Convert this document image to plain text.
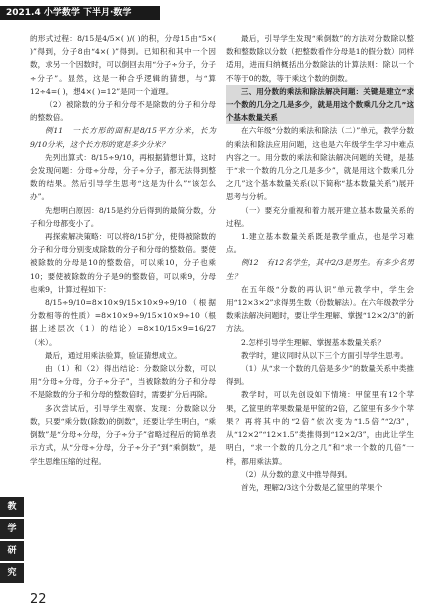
2021.4 小学数学 下半月·数学

的形式过程：8/15是4/5×( )/( )的积，分母15由“5×( )”得到，分子8由“4×( )”得到。已知积和其中一个因数，求另一个因数时，可以倒回去用“分子÷分子，分子÷分子”。显然，这是一种合乎逻辑的猜想，与“算12÷4=( )，想4×( )=12”是同一个道理。

（2）被除数的分子和分母不是除数的分子和分母的整数倍。

例11　一长方形的面积是8/15平方分米，长为9/10分米，这个长方形的宽是多少分米？

先列出算式：8/15÷9/10，再根据猜想计算，这时会发现问题：分母÷分母，分子÷分子，都无法得到整数的结果。然后引导学生思考“这是为什么”“该怎么办”。

先想明白原因：8/15是约分后得到的最简分数，分子和分母都变小了。

再探索解决策略：可以将8/15扩分，使得被除数的分子和分母分别变成除数的分子和分母的整数倍。要使被除数的分母是10的整数倍，可以乘10，分子也乘10；要使被除数的分子是9的整数倍，可以乘9，分母也乘9，计算过程如下：

8/15÷9/10=8×10×9/15×10×9÷9/10（根据分数相等的性质）=8×10×9÷9/15×10×9÷10（根据上述层次（1）的结论）=8×10/15×9=16/27（米）。

最后，通过用乘法验算，验证猜想成立。

由（1）和（2）得出结论：分数除以分数，可以用“分母÷分母，分子÷分子”，当被除数的分子和分母不是除数的分子和分母的整数倍时，需要扩分后再除。

多次尝试后，引导学生观察、发现：分数除以分数，只要“乘分数(除数)的倒数”，还要让学生明白，“乘倒数”是“分母÷分母，分子÷分子”省略过程后的简单表示方式，从“分母÷分母，分子÷分子”到“乘倒数”，是学生思维压缩的过程。

最后，引导学生发现“乘倒数”的方法对分数除以整数和整数除以分数（把整数看作分母是1的假分数）同样适用，进而归纳概括出分数除法的计算法则：除以一个不等于0的数，等于乘这个数的倒数。

三、用分数的乘法和除法解决问题：关键是建立“求一个数的几分之几是多少，就是用这个数乘几分之几”这个基本数量关系

在六年级“分数的乘法和除法（二）”单元，教学分数的乘法和除法应用问题，这也是六年级学生学习中难点内容之一。用分数的乘法和除法解决问题的关键，是基于“求一个数的几分之几是多少”，就是用这个数乘几分之几”这个基本数量关系(以下简称“基本数量关系”)展开思考与分析。

（一）要充分重视和着力展开建立基本数量关系的过程。

1.建立基本数量关系既是教学重点，也是学习难点。

例12　有12名学生，其中2/3是男生。有多少名男生？

在五年级“分数的再认识”单元教学中，学生会用“12×3×2”求得男生数（份数解法）。在六年级教学分数乘法解决问题时，要让学生理解、掌握“12×2/3”的新方法。

2.怎样引导学生理解、掌握基本数量关系？

教学时，建议同时从以下三个方面引导学生思考。

（1）从“求一个数的几倍是多少”的数量关系中类推得到。

教学时，可以先创设如下情境：甲筐里有12个苹果，乙筐里的苹果数量是甲筐的2倍，乙筐里有多少个苹果？再将其中的“2倍”依次变为“1.5倍”“2/3”，从“12×2”“12×1.5”类推得到“12×2/3”，由此让学生明白，“求一个数的几分之几”和“求一个数的几倍”一样，都用乘法算。

（2）从分数的意义中推导得到。

首先，理解2/3这个分数是乙筐里的苹果个

教
学
研
究
22
